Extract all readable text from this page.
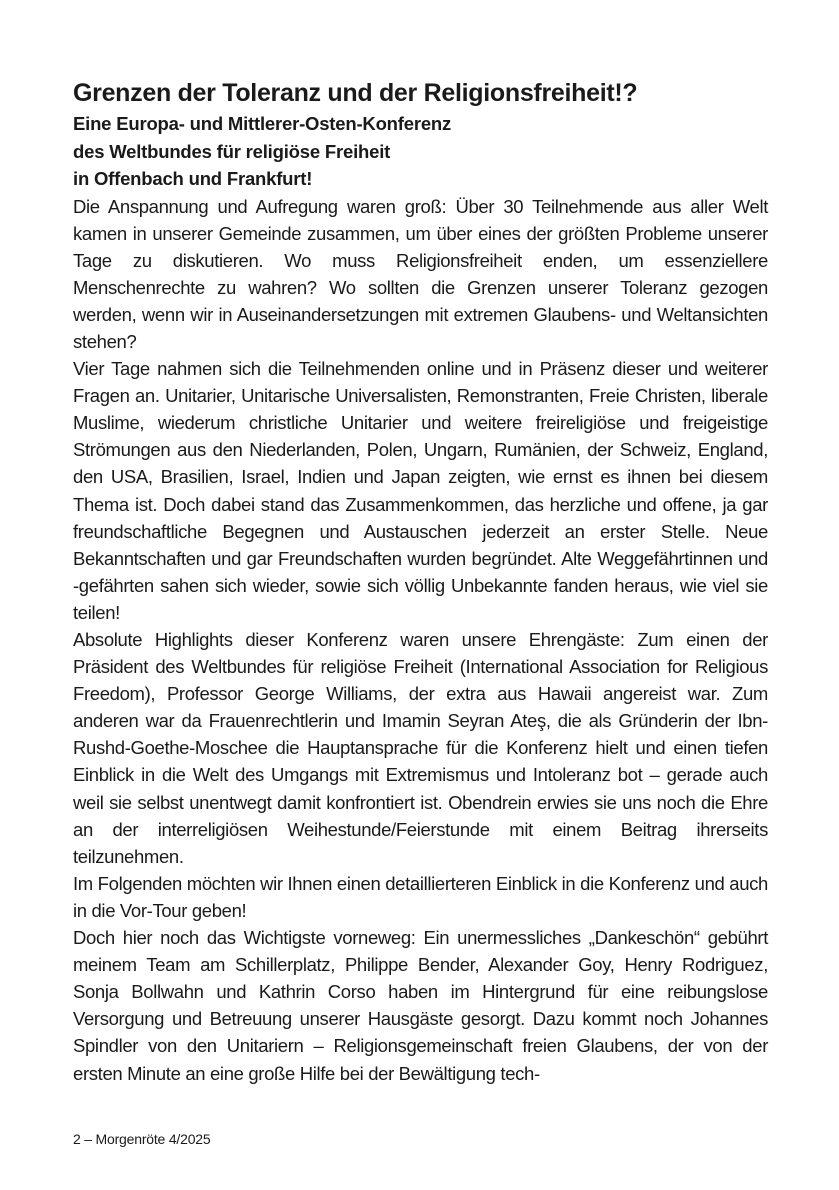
Grenzen der Toleranz und der Religionsfreiheit!?
Eine Europa- und Mittlerer-Osten-Konferenz
des Weltbundes für religiöse Freiheit
in Offenbach und Frankfurt!

Die Anspannung und Aufregung waren groß: Über 30 Teilnehmende aus aller Welt kamen in unserer Gemeinde zusammen, um über eines der größten Probleme unserer Tage zu diskutieren. Wo muss Religionsfreiheit enden, um essenziellere Menschenrechte zu wahren? Wo sollten die Grenzen unserer Toleranz gezogen werden, wenn wir in Auseinandersetzungen mit extremen Glaubens- und Weltansichten stehen?

Vier Tage nahmen sich die Teilnehmenden online und in Präsenz dieser und weiterer Fragen an. Unitarier, Unitarische Universalisten, Remonstranten, Freie Christen, liberale Muslime, wiederum christliche Unitarier und weitere freireligiöse und freigeistige Strömungen aus den Niederlanden, Polen, Ungarn, Rumänien, der Schweiz, England, den USA, Brasilien, Israel, Indien und Japan zeigten, wie ernst es ihnen bei diesem Thema ist. Doch dabei stand das Zusammenkommen, das herzliche und offene, ja gar freundschaftliche Begegnen und Austauschen jederzeit an erster Stelle. Neue Bekanntschaften und gar Freundschaften wurden begründet. Alte Weggefährtinnen und -gefährten sahen sich wieder, sowie sich völlig Unbekannte fanden heraus, wie viel sie teilen!

Absolute Highlights dieser Konferenz waren unsere Ehrengäste: Zum einen der Präsident des Weltbundes für religiöse Freiheit (International Association for Religious Freedom), Professor George Williams, der extra aus Hawaii angereist war. Zum anderen war da Frauenrechtlerin und Imamin Seyran Ateş, die als Gründerin der Ibn-Rushd-Goethe-Moschee die Hauptansprache für die Konferenz hielt und einen tiefen Einblick in die Welt des Umgangs mit Extremismus und Intoleranz bot – gerade auch weil sie selbst unentwegt damit konfrontiert ist. Obendrein erwies sie uns noch die Ehre an der interreligiösen Weihestunde/Feierstunde mit einem Beitrag ihrerseits teilzunehmen.

Im Folgenden möchten wir Ihnen einen detaillierteren Einblick in die Konferenz und auch in die Vor-Tour geben!

Doch hier noch das Wichtigste vorneweg: Ein unermessliches „Dankeschön“ gebührt meinem Team am Schillerplatz, Philippe Bender, Alexander Goy, Henry Rodriguez, Sonja Bollwahn und Kathrin Corso haben im Hintergrund für eine reibungslose Versorgung und Betreuung unserer Hausgäste gesorgt. Dazu kommt noch Johannes Spindler von den Unitariern – Religionsgemeinschaft freien Glaubens, der von der ersten Minute an eine große Hilfe bei der Bewältigung tech-

2 – Morgenröte 4/2025
